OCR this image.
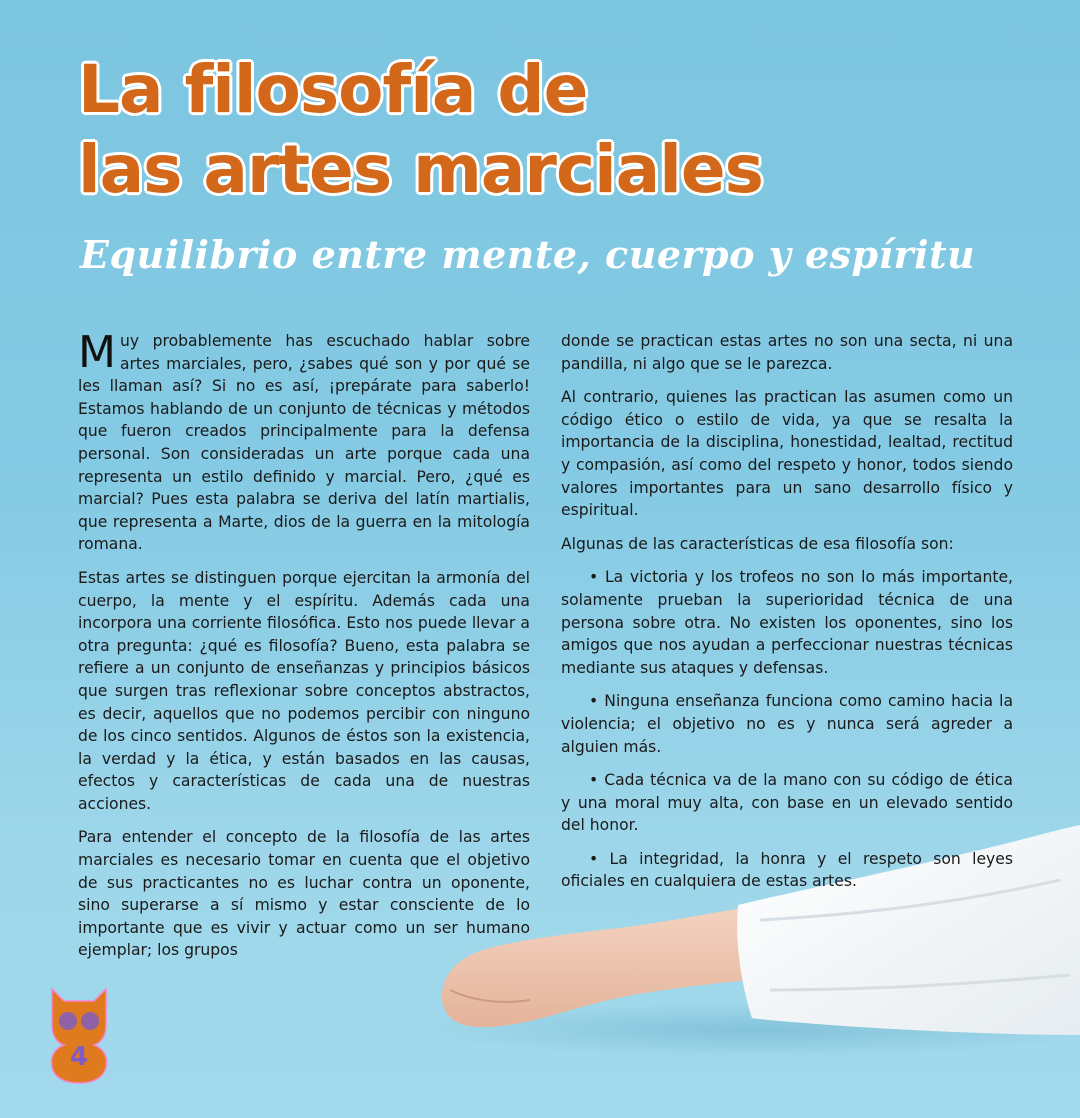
La filosofía de
las artes marciales
Equilibrio entre mente, cuerpo y espíritu

Muy probablemente has escuchado hablar sobre artes marciales, pero, ¿sabes qué son y por qué se les llaman así? Si no es así, ¡prepárate para saberlo! Estamos hablando de un conjunto de técnicas y métodos que fueron creados principalmente para la defensa personal. Son consideradas un arte porque cada una representa un estilo definido y marcial. Pero, ¿qué es marcial? Pues esta palabra se deriva del latín martialis, que representa a Marte, dios de la guerra en la mitología romana.

Estas artes se distinguen porque ejercitan la armonía del cuerpo, la mente y el espíritu. Además cada una incorpora una corriente filosófica. Esto nos puede llevar a otra pregunta: ¿qué es filosofía? Bueno, esta palabra se refiere a un conjunto de enseñanzas y principios básicos que surgen tras reflexionar sobre conceptos abstractos, es decir, aquellos que no podemos percibir con ninguno de los cinco sentidos. Algunos de éstos son la existencia, la verdad y la ética, y están basados en las causas, efectos y características de cada una de nuestras acciones.

Para entender el concepto de la filosofía de las artes marciales es necesario tomar en cuenta que el objetivo de sus practicantes no es luchar contra un oponente, sino superarse a sí mismo y estar consciente de lo importante que es vivir y actuar como un ser humano ejemplar; los grupos

donde se practican estas artes no son una secta, ni una pandilla, ni algo que se le parezca.

Al contrario, quienes las practican las asumen como un código ético o estilo de vida, ya que se resalta la importancia de la disciplina, honestidad, lealtad, rectitud y compasión, así como del respeto y honor, todos siendo valores importantes para un sano desarrollo físico y espiritual.

Algunas de las características de esa filosofía son:

• La victoria y los trofeos no son lo más importante, solamente prueban la superioridad técnica de una persona sobre otra. No existen los oponentes, sino los amigos que nos ayudan a perfeccionar nuestras técnicas mediante sus ataques y defensas.

• Ninguna enseñanza funciona como camino hacia la violencia; el objetivo no es y nunca será agreder a alguien más.

• Cada técnica va de la mano con su código de ética y una moral muy alta, con base en un elevado sentido del honor.

• La integridad, la honra y el respeto son leyes oficiales en cualquiera de estas artes.

4
